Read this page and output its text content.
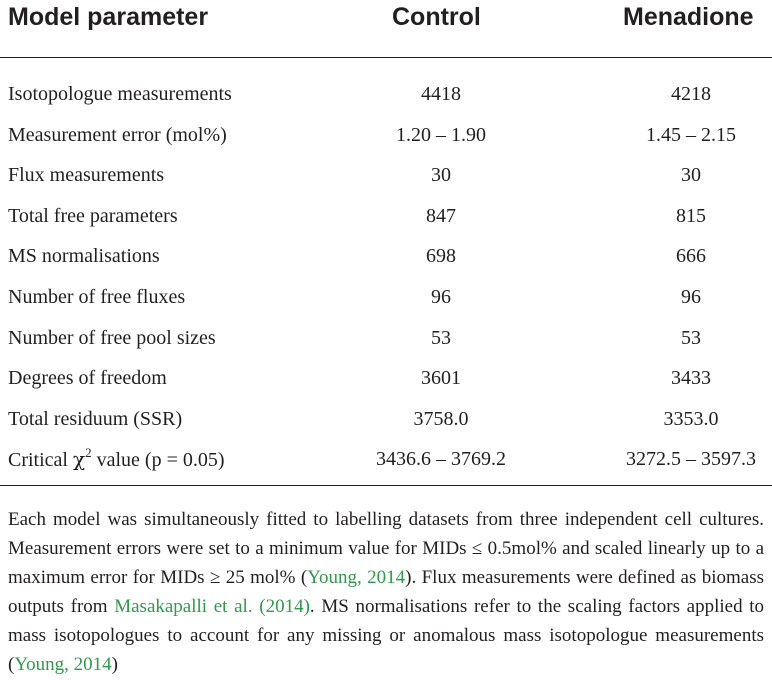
Model parameter	Control	Menadione
Isotopologue measurements	4418	4218
Measurement error (mol%)	1.20 – 1.90	1.45 – 2.15
Flux measurements	30	30
Total free parameters	847	815
MS normalisations	698	666
Number of free fluxes	96	96
Number of free pool sizes	53	53
Degrees of freedom	3601	3433
Total residuum (SSR)	3758.0	3353.0
Critical $\chi^2$ value (p = 0.05)	3436.6 – 3769.2	3272.5 – 3597.3
Each model was simultaneously fitted to labelling datasets from three independent cell cultures. Measurement errors were set to a minimum value for MIDs ≤ 0.5mol% and scaled linearly up to a maximum error for MIDs ≥ 25 mol% (Young, 2014). Flux measurements were defined as biomass outputs from Masakapalli et al. (2014). MS normalisations refer to the scaling factors applied to mass isotopologues to account for any missing or anomalous mass isotopologue measurements (Young, 2014)
